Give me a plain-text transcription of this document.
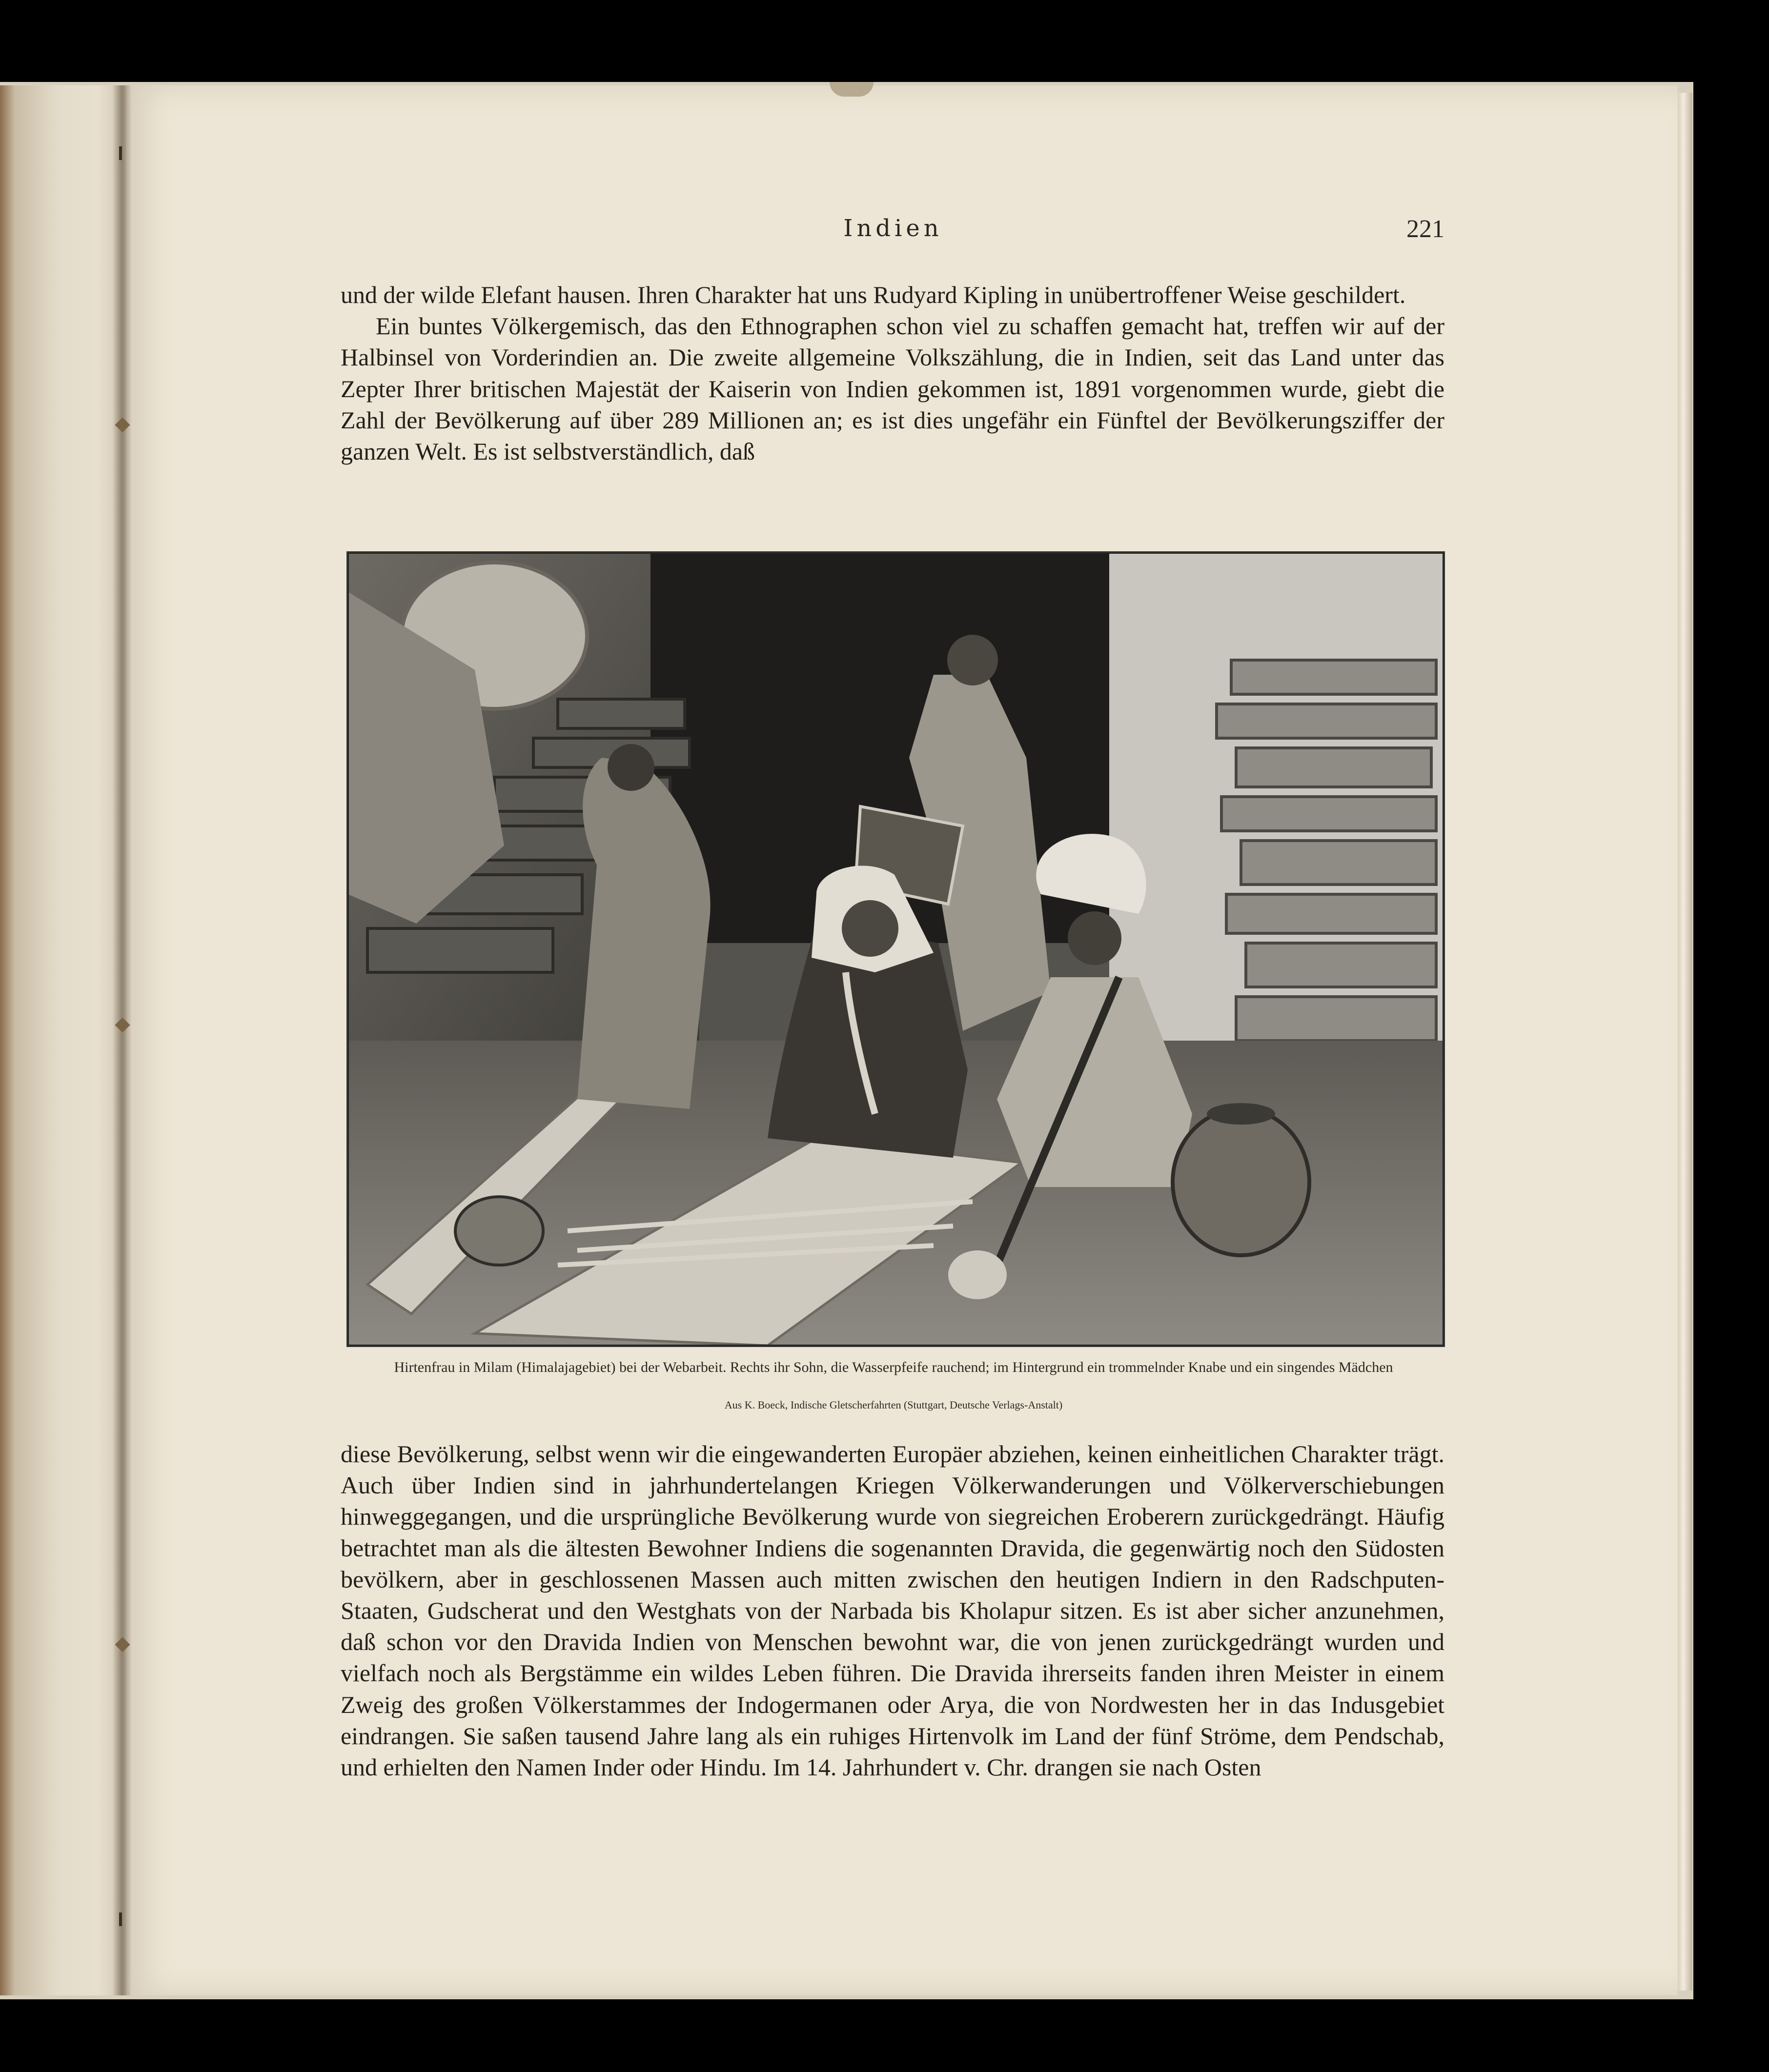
Indien	221

und der wilde Elefant hausen. Ihren Charakter hat uns Rudyard Kipling in unübertroffener Weise geschildert.

Ein buntes Völkergemisch, das den Ethnographen schon viel zu schaffen gemacht hat, treffen wir auf der Halbinsel von Vorderindien an. Die zweite allgemeine Volkszählung, die in Indien, seit das Land unter das Zepter Ihrer britischen Majestät der Kaiserin von Indien gekommen ist, 1891 vorgenommen wurde, giebt die Zahl der Bevölkerung auf über 289 Millionen an; es ist dies ungefähr ein Fünftel der Bevölkerungsziffer der ganzen Welt. Es ist selbstverständlich, daß

Hirtenfrau in Milam (Himalajagebiet) bei der Webarbeit. Rechts ihr Sohn, die Wasserpfeife rauchend; im Hintergrund ein trommelnder Knabe und ein singendes Mädchen
Aus K. Boeck, Indische Gletscherfahrten (Stuttgart, Deutsche Verlags-Anstalt)

diese Bevölkerung, selbst wenn wir die eingewanderten Europäer abziehen, keinen einheitlichen Charakter trägt. Auch über Indien sind in jahrhundertelangen Kriegen Völkerwanderungen und Völkerverschiebungen hinweggegangen, und die ursprüngliche Bevölkerung wurde von siegreichen Eroberern zurückgedrängt. Häufig betrachtet man als die ältesten Bewohner Indiens die sogenannten Dravida, die gegenwärtig noch den Südosten bevölkern, aber in geschlossenen Massen auch mitten zwischen den heutigen Indiern in den Radschputen-Staaten, Gudscherat und den Westghats von der Narbada bis Kholapur sitzen. Es ist aber sicher anzunehmen, daß schon vor den Dravida Indien von Menschen bewohnt war, die von jenen zurückgedrängt wurden und vielfach noch als Bergstämme ein wildes Leben führen. Die Dravida ihrerseits fanden ihren Meister in einem Zweig des großen Völkerstammes der Indogermanen oder Arya, die von Nordwesten her in das Indusgebiet eindrangen. Sie saßen tausend Jahre lang als ein ruhiges Hirtenvolk im Land der fünf Ströme, dem Pendschab, und erhielten den Namen Inder oder Hindu. Im 14. Jahrhundert v. Chr. drangen sie nach Osten
